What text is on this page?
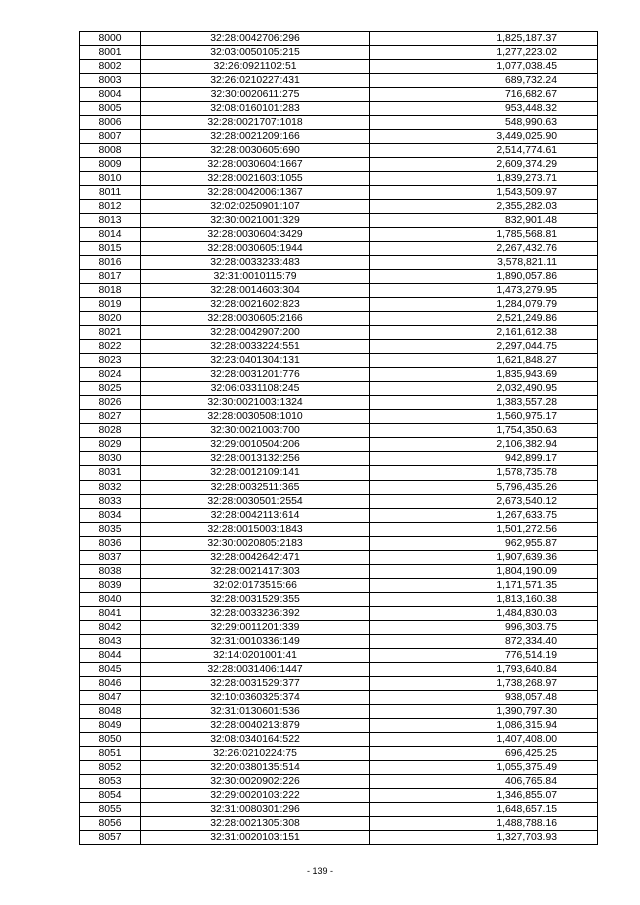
8000	32:28:0042706:296	1,825,187.37
8001	32:03:0050105:215	1,277,223.02
8002	32:26:0921102:51	1,077,038.45
8003	32:26:0210227:431	689,732.24
8004	32:30:0020611:275	716,682.67
8005	32:08:0160101:283	953,448.32
8006	32:28:0021707:1018	548,990.63
8007	32:28:0021209:166	3,449,025.90
8008	32:28:0030605:690	2,514,774.61
8009	32:28:0030604:1667	2,609,374.29
8010	32:28:0021603:1055	1,839,273.71
8011	32:28:0042006:1367	1,543,509.97
8012	32:02:0250901:107	2,355,282.03
8013	32:30:0021001:329	832,901.48
8014	32:28:0030604:3429	1,785,568.81
8015	32:28:0030605:1944	2,267,432.76
8016	32:28:0033233:483	3,578,821.11
8017	32:31:0010115:79	1,890,057.86
8018	32:28:0014603:304	1,473,279.95
8019	32:28:0021602:823	1,284,079.79
8020	32:28:0030605:2166	2,521,249.86
8021	32:28:0042907:200	2,161,612.38
8022	32:28:0033224:551	2,297,044.75
8023	32:23:0401304:131	1,621,848.27
8024	32:28:0031201:776	1,835,943.69
8025	32:06:0331108:245	2,032,490.95
8026	32:30:0021003:1324	1,383,557.28
8027	32:28:0030508:1010	1,560,975.17
8028	32:30:0021003:700	1,754,350.63
8029	32:29:0010504:206	2,106,382.94
8030	32:28:0013132:256	942,899.17
8031	32:28:0012109:141	1,578,735.78
8032	32:28:0032511:365	5,796,435.26
8033	32:28:0030501:2554	2,673,540.12
8034	32:28:0042113:614	1,267,633.75
8035	32:28:0015003:1843	1,501,272.56
8036	32:30:0020805:2183	962,955.87
8037	32:28:0042642:471	1,907,639.36
8038	32:28:0021417:303	1,804,190.09
8039	32:02:0173515:66	1,171,571.35
8040	32:28:0031529:355	1,813,160.38
8041	32:28:0033236:392	1,484,830.03
8042	32:29:0011201:339	996,303.75
8043	32:31:0010336:149	872,334.40
8044	32:14:0201001:41	776,514.19
8045	32:28:0031406:1447	1,793,640.84
8046	32:28:0031529:377	1,738,268.97
8047	32:10:0360325:374	938,057.48
8048	32:31:0130601:536	1,390,797.30
8049	32:28:0040213:879	1,086,315.94
8050	32:08:0340164:522	1,407,408.00
8051	32:26:0210224:75	696,425.25
8052	32:20:0380135:514	1,055,375.49
8053	32:30:0020902:226	406,765.84
8054	32:29:0020103:222	1,346,855.07
8055	32:31:0080301:296	1,648,657.15
8056	32:28:0021305:308	1,488,788.16
8057	32:31:0020103:151	1,327,703.93
- 139 -
